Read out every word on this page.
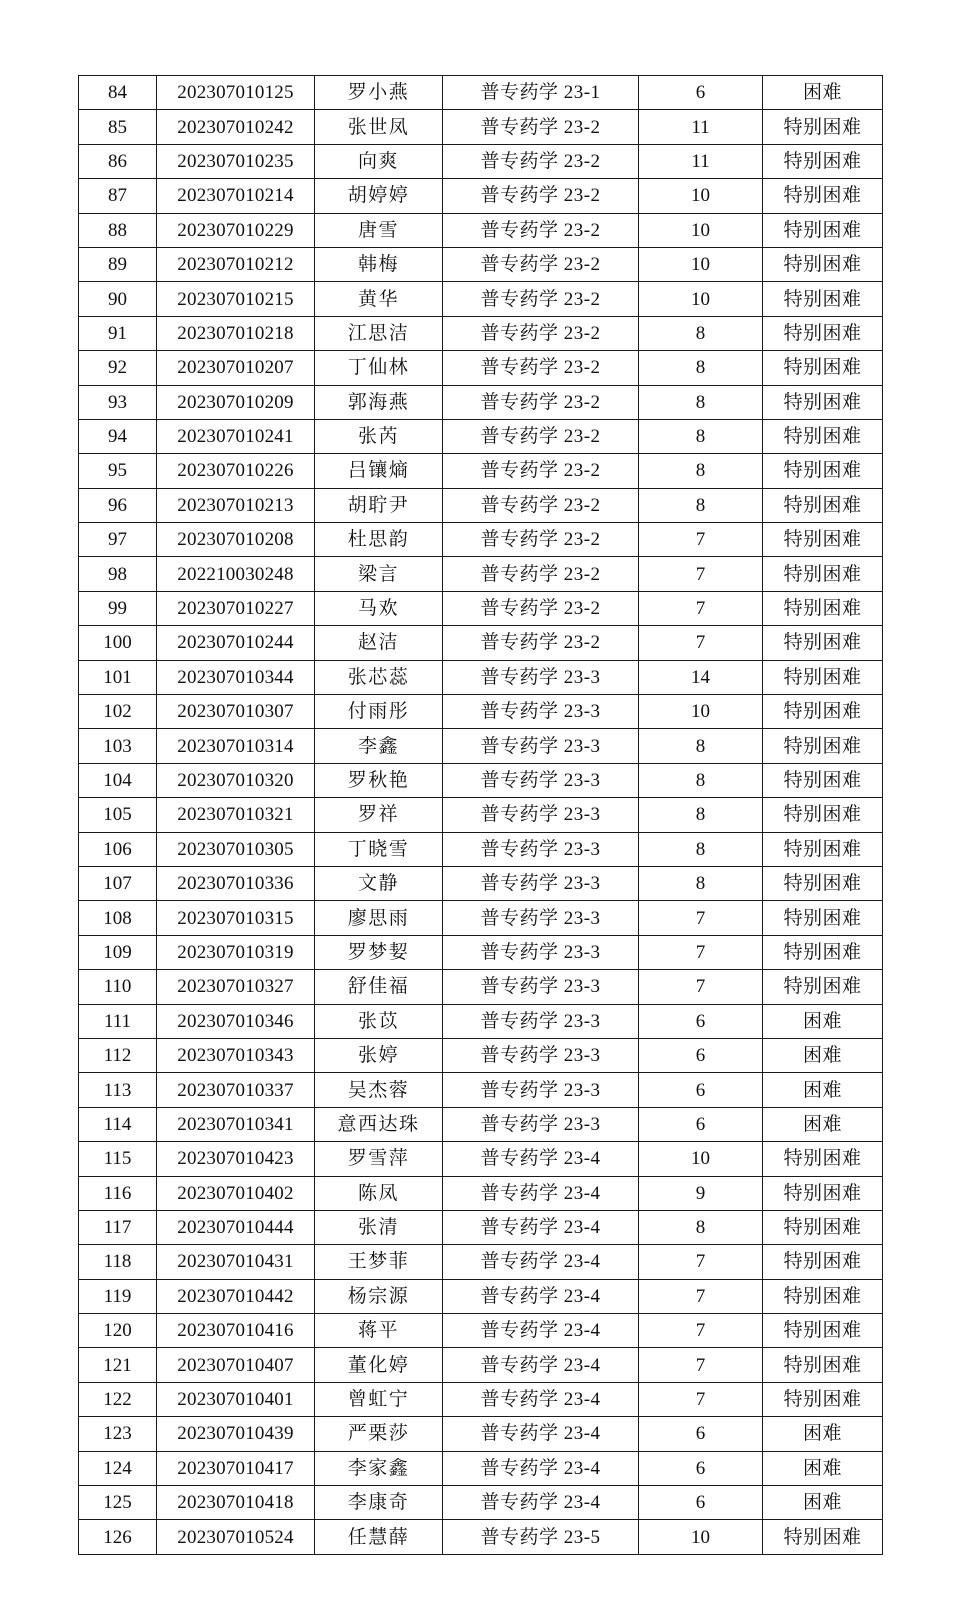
84	202307010125	罗小燕	普专药学 23-1	6	困难
85	202307010242	张世凤	普专药学 23-2	11	特别困难
86	202307010235	向爽	普专药学 23-2	11	特别困难
87	202307010214	胡婷婷	普专药学 23-2	10	特别困难
88	202307010229	唐雪	普专药学 23-2	10	特别困难
89	202307010212	韩梅	普专药学 23-2	10	特别困难
90	202307010215	黄华	普专药学 23-2	10	特别困难
91	202307010218	江思洁	普专药学 23-2	8	特别困难
92	202307010207	丁仙林	普专药学 23-2	8	特别困难
93	202307010209	郭海燕	普专药学 23-2	8	特别困难
94	202307010241	张芮	普专药学 23-2	8	特别困难
95	202307010226	吕镶熵	普专药学 23-2	8	特别困难
96	202307010213	胡聍尹	普专药学 23-2	8	特别困难
97	202307010208	杜思韵	普专药学 23-2	7	特别困难
98	202210030248	梁言	普专药学 23-2	7	特别困难
99	202307010227	马欢	普专药学 23-2	7	特别困难
100	202307010244	赵洁	普专药学 23-2	7	特别困难
101	202307010344	张芯蕊	普专药学 23-3	14	特别困难
102	202307010307	付雨彤	普专药学 23-3	10	特别困难
103	202307010314	李鑫	普专药学 23-3	8	特别困难
104	202307010320	罗秋艳	普专药学 23-3	8	特别困难
105	202307010321	罗祥	普专药学 23-3	8	特别困难
106	202307010305	丁晓雪	普专药学 23-3	8	特别困难
107	202307010336	文静	普专药学 23-3	8	特别困难
108	202307010315	廖思雨	普专药学 23-3	7	特别困难
109	202307010319	罗梦㛃	普专药学 23-3	7	特别困难
110	202307010327	舒佳福	普专药学 23-3	7	特别困难
111	202307010346	张苡	普专药学 23-3	6	困难
112	202307010343	张婷	普专药学 23-3	6	困难
113	202307010337	吴杰蓉	普专药学 23-3	6	困难
114	202307010341	意西达珠	普专药学 23-3	6	困难
115	202307010423	罗雪萍	普专药学 23-4	10	特别困难
116	202307010402	陈凤	普专药学 23-4	9	特别困难
117	202307010444	张清	普专药学 23-4	8	特别困难
118	202307010431	王梦菲	普专药学 23-4	7	特别困难
119	202307010442	杨宗源	普专药学 23-4	7	特别困难
120	202307010416	蒋平	普专药学 23-4	7	特别困难
121	202307010407	董化婷	普专药学 23-4	7	特别困难
122	202307010401	曾虹宁	普专药学 23-4	7	特别困难
123	202307010439	严栗莎	普专药学 23-4	6	困难
124	202307010417	李家鑫	普专药学 23-4	6	困难
125	202307010418	李康奇	普专药学 23-4	6	困难
126	202307010524	任慧薛	普专药学 23-5	10	特别困难
